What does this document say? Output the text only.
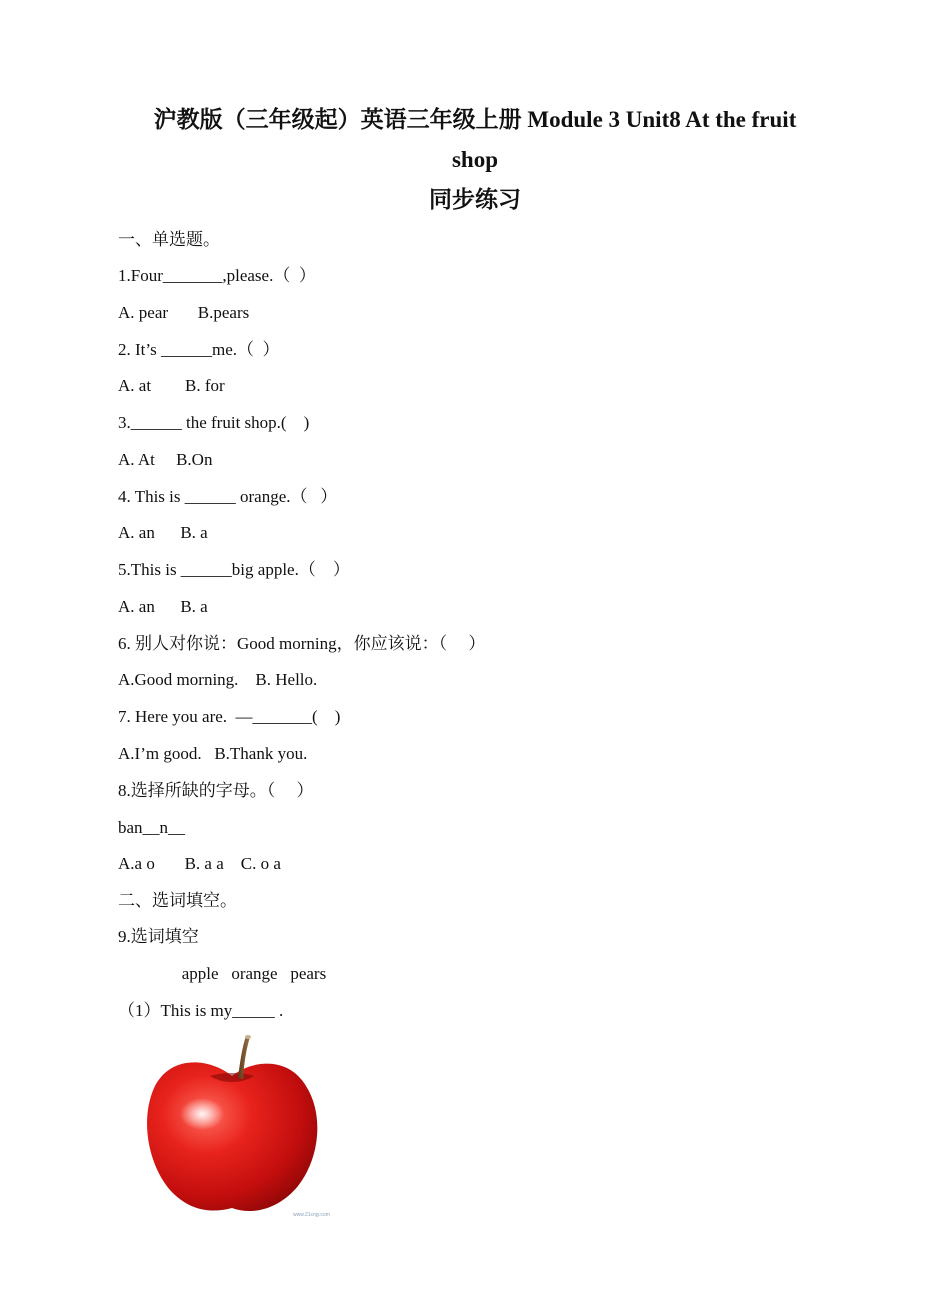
沪教版（三年级起）英语三年级上册 Module 3 Unit8 At the fruit
shop
同步练习
一、单选题。
1.Four_______,please.（  ）
A. pear       B.pears
2. It’s ______me.（  ）
A. at        B. for
3.______ the fruit shop.(    )
A. At     B.On
4. This is ______ orange.（   ）
A. an      B. a
5.This is ______big apple.（    ）
A. an      B. a
6. 别人对你说：Good morning，你应该说：（     ）
A.Good morning.    B. Hello.
7. Here you are.  —_______(    )
A.I’m good.   B.Thank you.
8.选择所缺的字母。（     ）
ban__n__
A.a o       B. a a    C. o a
二、选词填空。
9.选词填空
apple   orange   pears
（1）This is my_____ .
www.21cnjy.com
